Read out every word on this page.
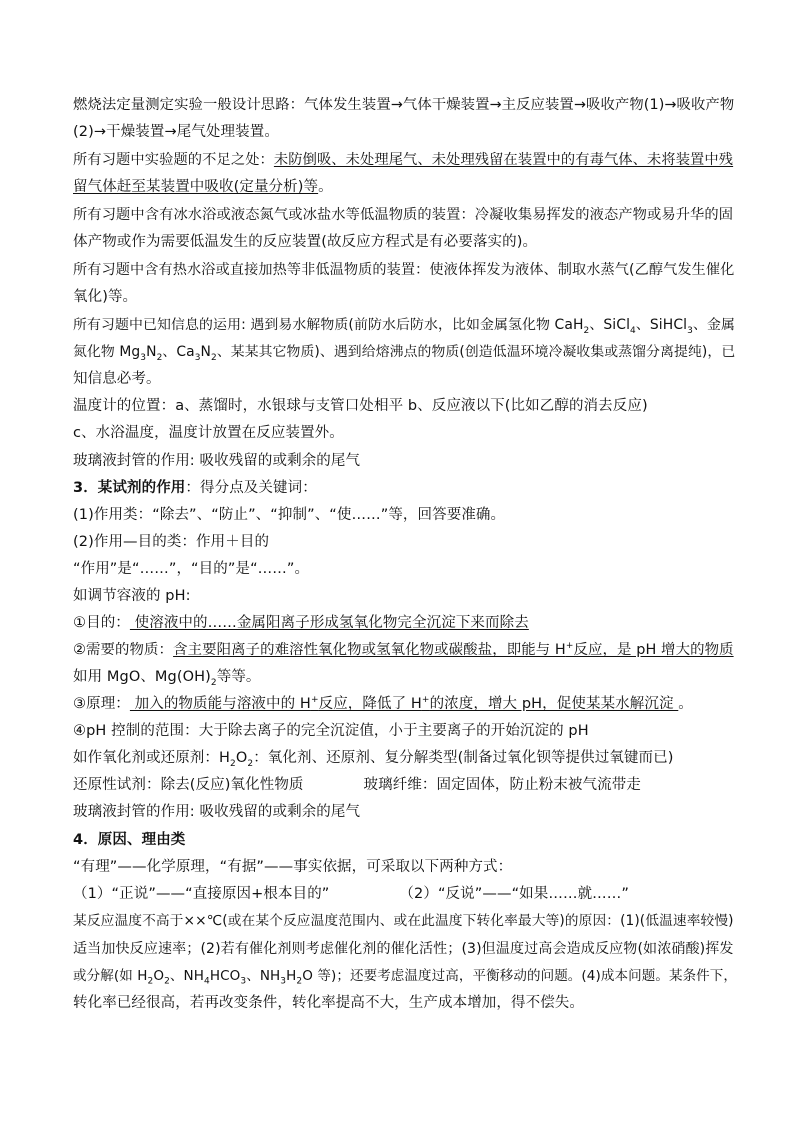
燃烧法定量测定实验一般设计思路：气体发生装置→气体干燥装置→主反应装置→吸收产物(1)→吸收产物
(2)→干燥装置→尾气处理装置。
所有习题中实验题的不足之处：未防倒吸、未处理尾气、未处理残留在装置中的有毒气体、未将装置中残
留气体赶至某装置中吸收(定量分析)等。
所有习题中含有冰水浴或液态氮气或冰盐水等低温物质的装置：冷凝收集易挥发的液态产物或易升华的固
体产物或作为需要低温发生的反应装置(故反应方程式是有必要落实的)。
所有习题中含有热水浴或直接加热等非低温物质的装置：使液体挥发为液体、制取水蒸气(乙醇气发生催化
氧化)等。
所有习题中已知信息的运用: 遇到易水解物质(前防水后防水，比如金属氢化物 CaH$_2$、SiCl$_4$、SiHCl$_3$、金属
氮化物 $Mg_3N_2$、$Ca_3N_2$、某某其它物质)、遇到给熔沸点的物质(创造低温环境冷凝收集或蒸馏分离提纯)，已
知信息必考。
温度计的位置：a、蒸馏时，水银球与支管口处相平 b、反应液以下(比如乙醇的消去反应)
c、水浴温度，温度计放置在反应装置外。
玻璃液封管的作用: 吸收残留的或剩余的尾气
3．某试剂的作用：得分点及关键词：
(1)作用类：“除去”、“防止”、“抑制”、“使……”等，回答要准确。
(2)作用—目的类：作用＋目的
“作用”是“……”，“目的”是“……”。
如调节容液的 pH:
①目的： 使溶液中的……金属阳离子形成氢氧化物完全沉淀下来而除去
②需要的物质：含主要阳离子的难溶性氧化物或氢氧化物或碳酸盐，即能与 H+反应，是 pH 增大的物质
如用 MgO、$Mg(OH)_2$等等。
③原理： 加入的物质能与溶液中的 H+反应，降低了 H+的浓度，增大 pH，促使某某水解沉淀 。
④pH 控制的范围：大于除去离子的完全沉淀值，小于主要离子的开始沉淀的 pH
如作氧化剂或还原剂：$H_2O_2$：氧化剂、还原剂、复分解类型(制备过氧化钡等提供过氧键而已)
还原性试剂：除去(反应)氧化性物质	玻璃纤维：固定固体，防止粉末被气流带走
玻璃液封管的作用: 吸收残留的或剩余的尾气
4．原因、理由类
“有理”——化学原理，“有据”——事实依据，可采取以下两种方式：
（1）“正说”——“直接原因+根本目的”	（2）“反说”——“如果……就……”
某反应温度不高于××℃(或在某个反应温度范围内、或在此温度下转化率最大等)的原因：(1)(低温速率较慢)
适当加快反应速率；(2)若有催化剂则考虑催化剂的催化活性；(3)但温度过高会造成反应物(如浓硝酸)挥发
或分解(如 $H_2O_2$、$NH_4HCO_3$、$NH_3H_2O$ 等)；还要考虑温度过高，平衡移动的问题。(4)成本问题。某条件下，
转化率已经很高，若再改变条件，转化率提高不大，生产成本增加，得不偿失。
